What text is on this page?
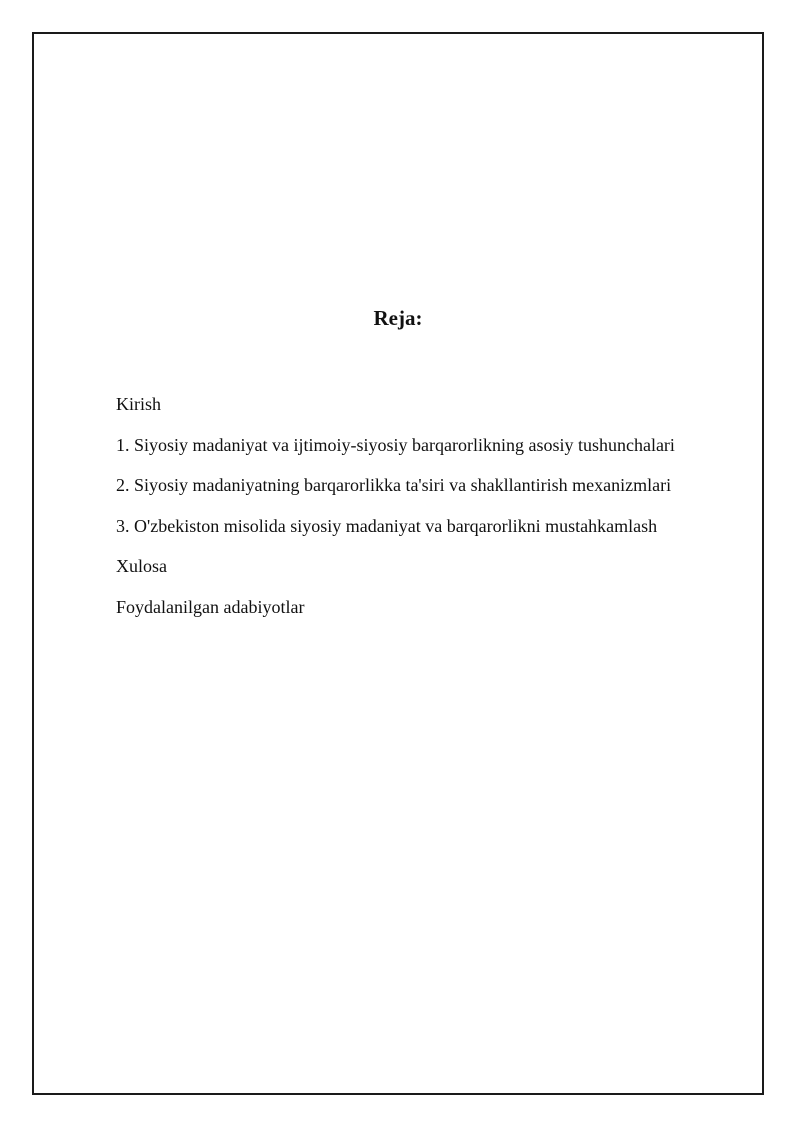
Reja:
Kirish
1. Siyosiy madaniyat va ijtimoiy-siyosiy barqarorlikning asosiy tushunchalari
2. Siyosiy madaniyatning barqarorlikka ta'siri va shakllantirish mexanizmlari
3. O'zbekiston misolida siyosiy madaniyat va barqarorlikni mustahkamlash
Xulosa
Foydalanilgan adabiyotlar
